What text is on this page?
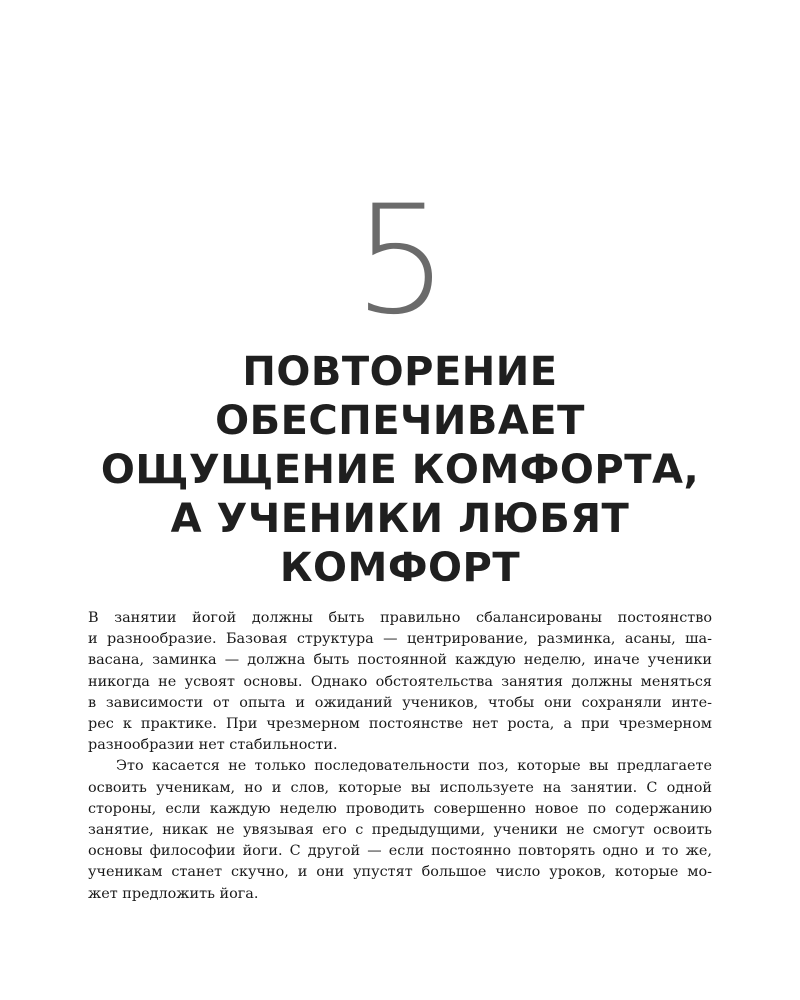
5
ПОВТОРЕНИЕ
ОБЕСПЕЧИВАЕТ
ОЩУЩЕНИЕ КОМФОРТА,
А УЧЕНИКИ ЛЮБЯТ
КОМФОРТ

В занятии йогой должны быть правильно сбалансированы постоянство
и разнообразие. Базовая структура — центрирование, разминка, асаны, ша-
васана, заминка — должна быть постоянной каждую неделю, иначе ученики
никогда не усвоят основы. Однако обстоятельства занятия должны меняться
в зависимости от опыта и ожиданий учеников, чтобы они сохраняли инте-
рес к практике. При чрезмерном постоянстве нет роста, а при чрезмерном
разнообразии нет стабильности.

Это касается не только последовательности поз, которые вы предлагаете
освоить ученикам, но и слов, которые вы используете на занятии. С одной
стороны, если каждую неделю проводить совершенно новое по содержанию
занятие, никак не увязывая его с предыдущими, ученики не смогут освоить
основы философии йоги. С другой — если постоянно повторять одно и то же,
ученикам станет скучно, и они упустят большое число уроков, которые мо-
жет предложить йога.
